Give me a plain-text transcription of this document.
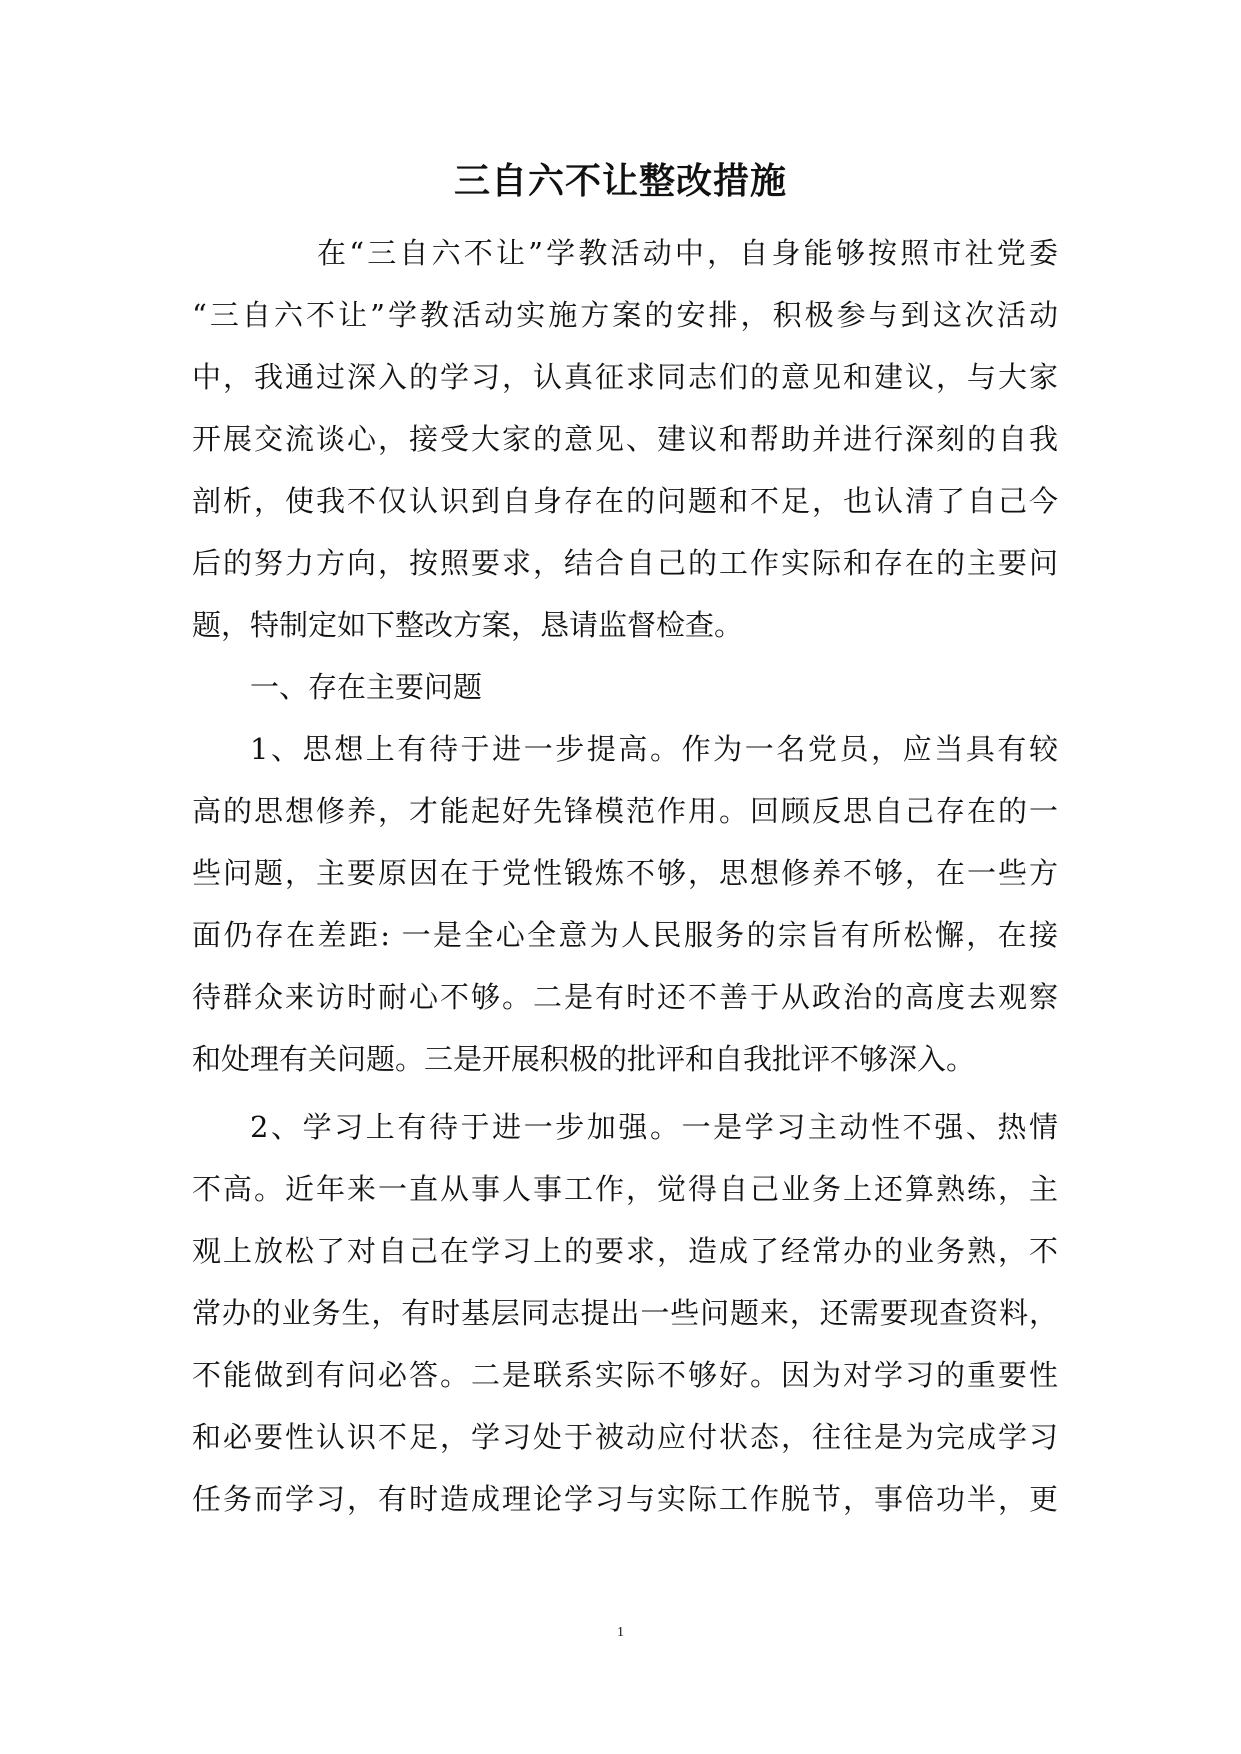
三自六不让整改措施
在“三自六不让”学教活动中，自身能够按照市社党委
“三自六不让”学教活动实施方案的安排，积极参与到这次活动
中，我通过深入的学习，认真征求同志们的意见和建议，与大家
开展交流谈心，接受大家的意见、建议和帮助并进行深刻的自我
剖析，使我不仅认识到自身存在的问题和不足，也认清了自己今
后的努力方向，按照要求，结合自己的工作实际和存在的主要问
题，特制定如下整改方案，恳请监督检查。
一、存在主要问题
1、思想上有待于进一步提高。作为一名党员，应当具有较
高的思想修养，才能起好先锋模范作用。回顾反思自己存在的一
些问题，主要原因在于党性锻炼不够，思想修养不够，在一些方
面仍存在差距: 一是全心全意为人民服务的宗旨有所松懈，在接
待群众来访时耐心不够。二是有时还不善于从政治的高度去观察
和处理有关问题。三是开展积极的批评和自我批评不够深入。
2、学习上有待于进一步加强。一是学习主动性不强、热情
不高。近年来一直从事人事工作，觉得自己业务上还算熟练，主
观上放松了对自己在学习上的要求，造成了经常办的业务熟，不
常办的业务生，有时基层同志提出一些问题来，还需要现查资料，
不能做到有问必答。二是联系实际不够好。因为对学习的重要性
和必要性认识不足，学习处于被动应付状态，往往是为完成学习
任务而学习，有时造成理论学习与实际工作脱节，事倍功半，更
1
